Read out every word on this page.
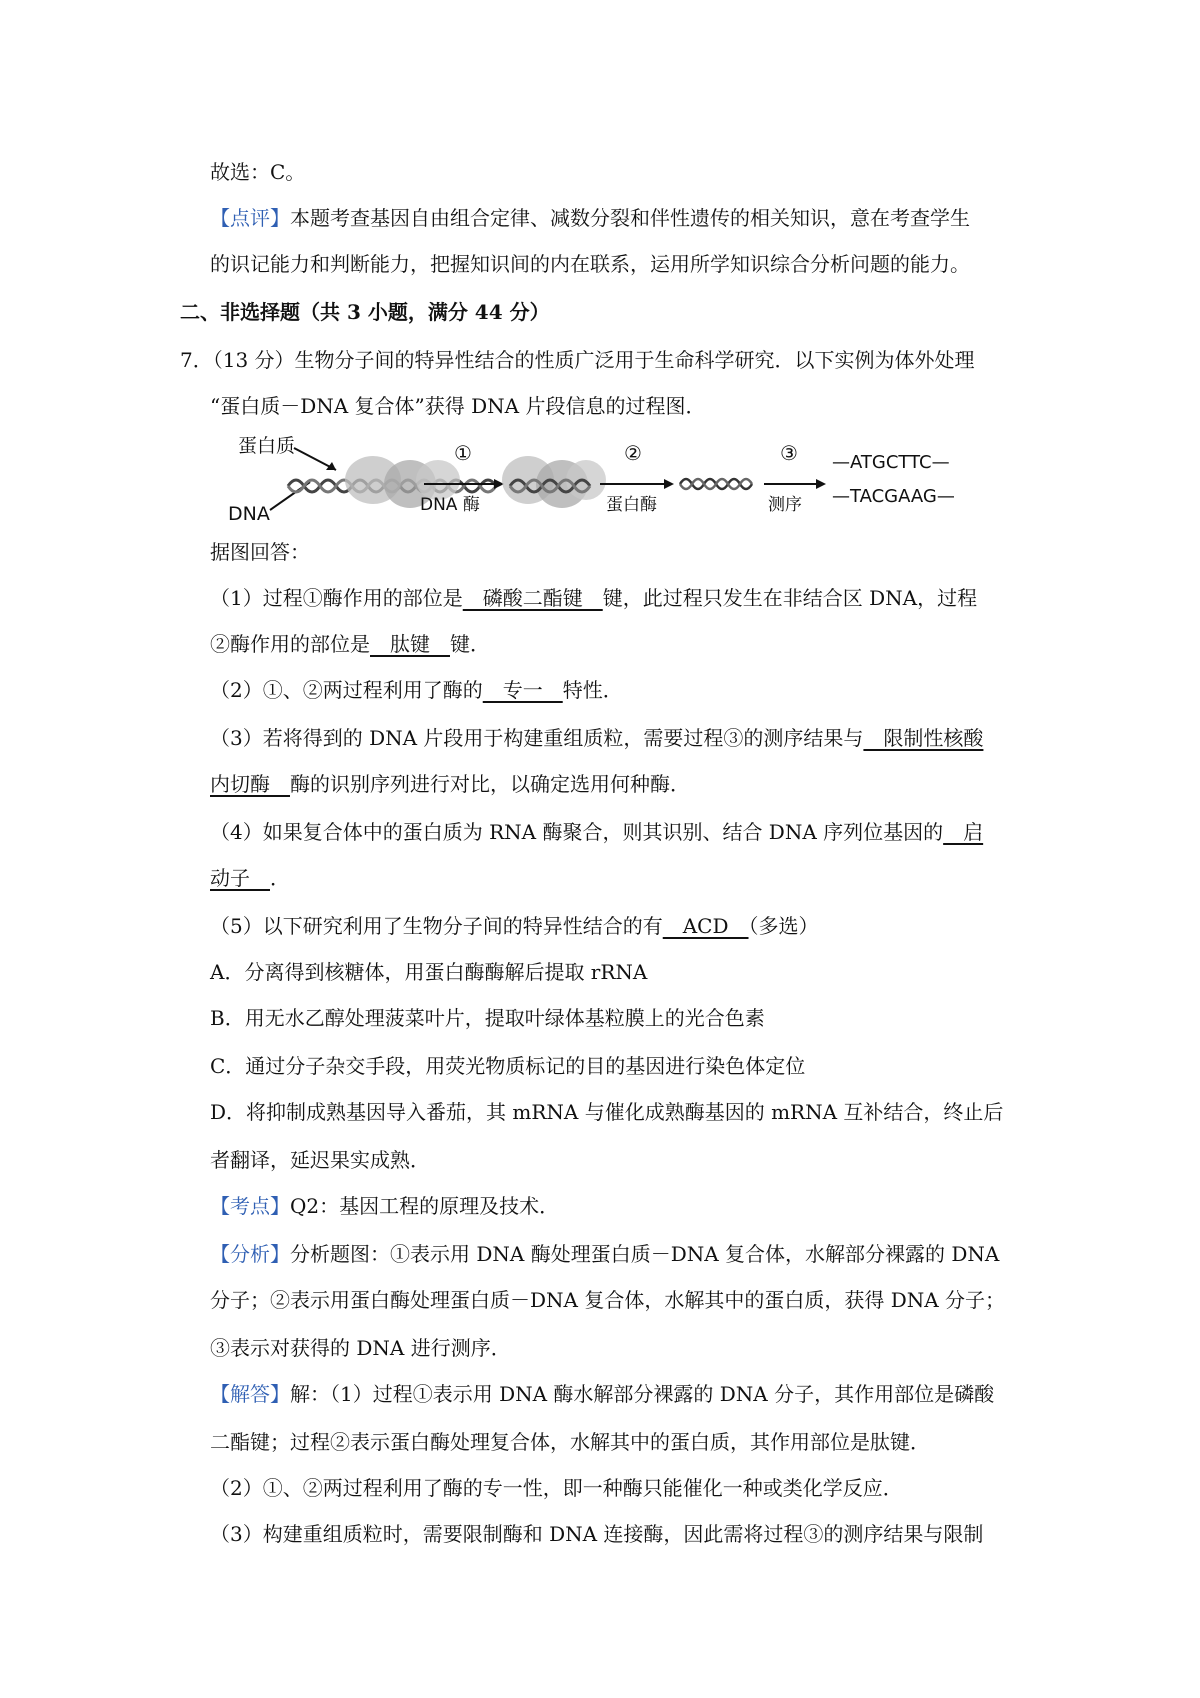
故选：C。
【点评】本题考查基因自由组合定律、减数分裂和伴性遗传的相关知识，意在考查学生
的识记能力和判断能力，把握知识间的内在联系，运用所学知识综合分析问题的能力。
二、非选择题（共 3 小题，满分 44 分）
7．（13 分）生物分子间的特异性结合的性质广泛用于生命科学研究．以下实例为体外处理
“蛋白质－DNA 复合体”获得 DNA 片段信息的过程图．
蛋白质
DNA
①
DNA 酶
②
蛋白酶
③
测序
—ATGCTTC—
—TACGAAG—
据图回答：
（1）过程①酶作用的部位是　磷酸二酯键　键，此过程只发生在非结合区 DNA，过程
②酶作用的部位是　肽键　键．
（2）①、②两过程利用了酶的　专一　特性．
（3）若将得到的 DNA 片段用于构建重组质粒，需要过程③的测序结果与　限制性核酸
内切酶　酶的识别序列进行对比，以确定选用何种酶．
（4）如果复合体中的蛋白质为 RNA 酶聚合，则其识别、结合 DNA 序列位基因的　启
动子　．
（5）以下研究利用了生物分子间的特异性结合的有　ACD　（多选）
A．分离得到核糖体，用蛋白酶酶解后提取 rRNA
B．用无水乙醇处理菠菜叶片，提取叶绿体基粒膜上的光合色素
C．通过分子杂交手段，用荧光物质标记的目的基因进行染色体定位
D．将抑制成熟基因导入番茄，其 mRNA 与催化成熟酶基因的 mRNA 互补结合，终止后
者翻译，延迟果实成熟．
【考点】Q2：基因工程的原理及技术．
【分析】分析题图：①表示用 DNA 酶处理蛋白质－DNA 复合体，水解部分裸露的 DNA
分子；②表示用蛋白酶处理蛋白质－DNA 复合体，水解其中的蛋白质，获得 DNA 分子；
③表示对获得的 DNA 进行测序．
【解答】解：（1）过程①表示用 DNA 酶水解部分裸露的 DNA 分子，其作用部位是磷酸
二酯键；过程②表示蛋白酶处理复合体，水解其中的蛋白质，其作用部位是肽键．
（2）①、②两过程利用了酶的专一性，即一种酶只能催化一种或类化学反应．
（3）构建重组质粒时，需要限制酶和 DNA 连接酶，因此需将过程③的测序结果与限制
